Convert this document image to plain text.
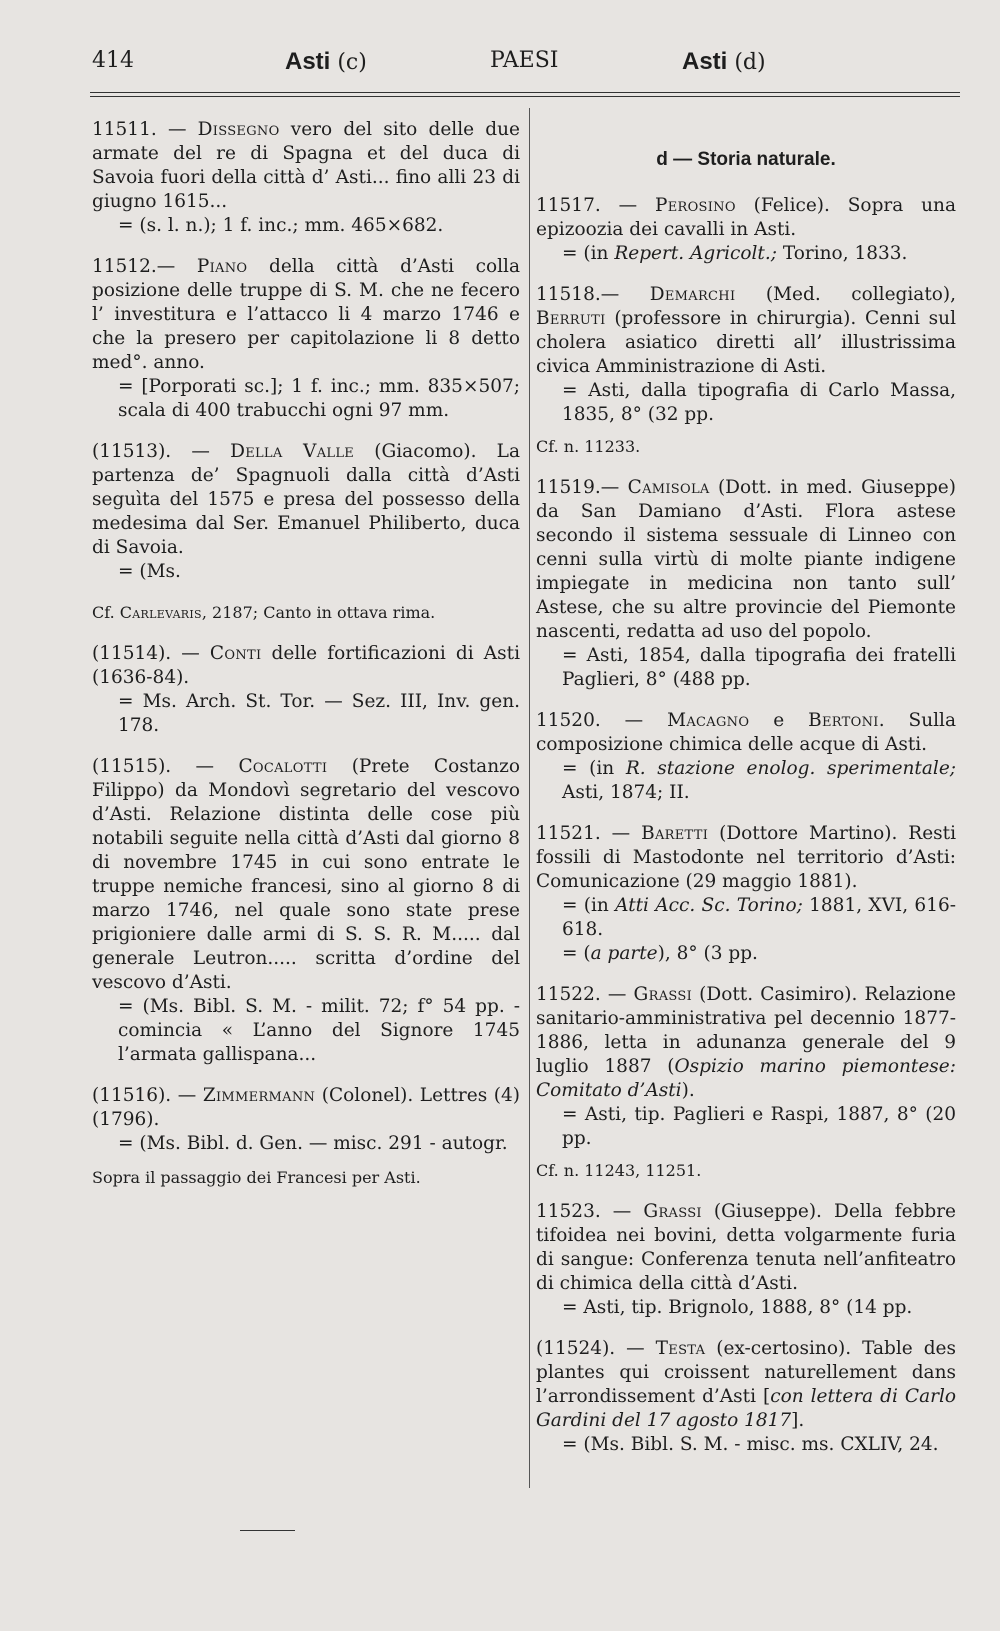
414	Asti (c)	PAESI	Asti (d)

11511. — Dissegno vero del sito delle due armate del re di Spagna et del duca di Savoia fuori della città d’ Asti... fino alli 23 di giugno 1615...

= (s. l. n.); 1 f. inc.; mm. 465×682.

11512.— Piano della città d’Asti colla posizione delle truppe di S. M. che ne fecero l’ investitura e l’attacco li 4 marzo 1746 e che la presero per capitolazione li 8 detto med°. anno.

= [Porporati sc.]; 1 f. inc.; mm. 835×507; scala di 400 trabucchi ogni 97 mm.

(11513). — Della Valle (Giacomo). La partenza de’ Spagnuoli dalla città d’Asti seguìta del 1575 e presa del possesso della medesima dal Ser. Emanuel Philiberto, duca di Savoia.

= (Ms.
Cf. Carlevaris, 2187; Canto in ottava rima.

(11514). — Conti delle fortificazioni di Asti (1636-84).

= Ms. Arch. St. Tor. — Sez. III, Inv. gen. 178.

(11515). — Cocalotti (Prete Costanzo Filippo) da Mondovì segretario del vescovo d’Asti. Relazione distinta delle cose più notabili seguite nella città d’Asti dal giorno 8 di novembre 1745 in cui sono entrate le truppe nemiche francesi, sino al giorno 8 di marzo 1746, nel quale sono state prese prigioniere dalle armi di S. S. R. M..... dal generale Leutron..... scritta d’ordine del vescovo d’Asti.

= (Ms. Bibl. S. M. - milit. 72; f° 54 pp. - comincia « L’anno del Signore 1745 l’armata gallispana...

(11516). — Zimmermann (Colonel). Lettres (4) (1796).

= (Ms. Bibl. d. Gen. — misc. 291 - autogr.
Sopra il passaggio dei Francesi per Asti.
d — Storia naturale.

11517. — Perosino (Felice). Sopra una epizoozia dei cavalli in Asti.

= (in Repert. Agricolt.; Torino, 1833.

11518.— Demarchi (Med. collegiato), Berruti (professore in chirurgia). Cenni sul cholera asiatico diretti all’ illustrissima civica Amministrazione di Asti.

= Asti, dalla tipografia di Carlo Massa, 1835, 8° (32 pp.
Cf. n. 11233.

11519.— Camisola (Dott. in med. Giuseppe) da San Damiano d’Asti. Flora astese secondo il sistema sessuale di Linneo con cenni sulla virtù di molte piante indigene impiegate in medicina non tanto sull’ Astese, che su altre provincie del Piemonte nascenti, redatta ad uso del popolo.

= Asti, 1854, dalla tipografia dei fratelli Paglieri, 8° (488 pp.

11520. — Macagno e Bertoni. Sulla composizione chimica delle acque di Asti.

= (in R. stazione enolog. sperimentale; Asti, 1874; II.

11521. — Baretti (Dottore Martino). Resti fossili di Mastodonte nel territorio d’Asti: Comunicazione (29 maggio 1881).

= (in Atti Acc. Sc. Torino; 1881, XVI, 616-618.
= (a parte), 8° (3 pp.

11522. — Grassi (Dott. Casimiro). Relazione sanitario-amministrativa pel decennio 1877-1886, letta in adunanza generale del 9 luglio 1887 (Ospizio marino piemontese: Comitato d’Asti).

= Asti, tip. Paglieri e Raspi, 1887, 8° (20 pp.
Cf. n. 11243, 11251.

11523. — Grassi (Giuseppe). Della febbre tifoidea nei bovini, detta volgarmente furia di sangue: Conferenza tenuta nell’anfiteatro di chimica della città d’Asti.

= Asti, tip. Brignolo, 1888, 8° (14 pp.

(11524). — Testa (ex-certosino). Table des plantes qui croissent naturellement dans l’arrondissement d’Asti [con lettera di Carlo Gardini del 17 agosto 1817].

= (Ms. Bibl. S. M. - misc. ms. CXLIV, 24.
